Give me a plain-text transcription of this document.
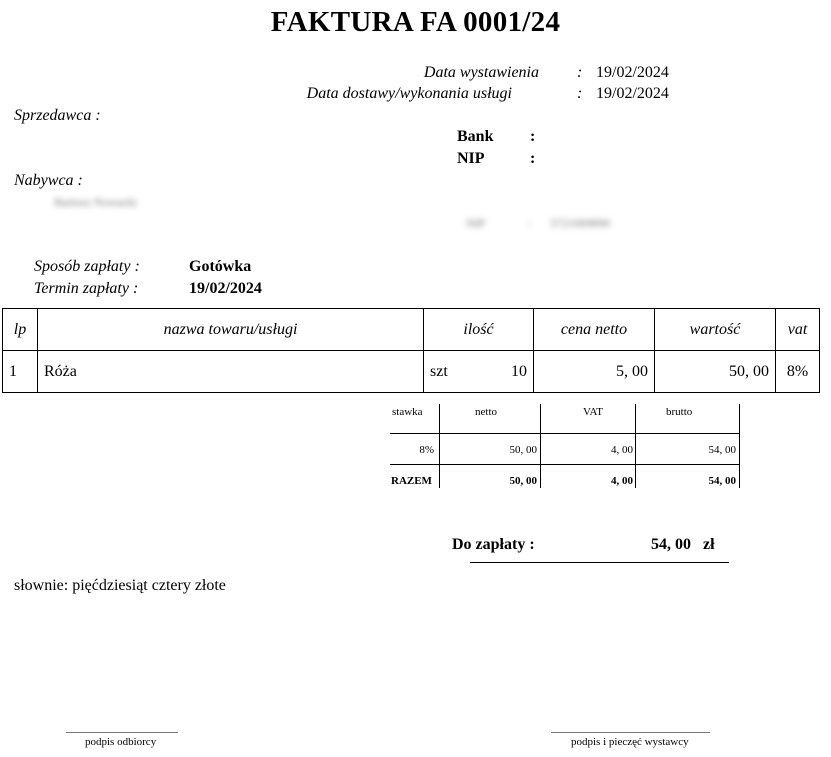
FAKTURA FA 0001/24
Data wystawienia : 19/02/2024
Data dostawy/wykonania usługi	: 19/02/2024
Sprzedawca :
Bank :
NIP	:
Nabywca :
Bartosz Nowacki
NIP	: 5721009890
Sposób zapłaty :	Gotówka
Termin zapłaty :	19/02/2024
lp	nazwa towaru/usługi	ilość	cena netto	wartość	vat
1	Róża	szt 10	5, 00	50, 00	8%
stawka	netto	VAT	brutto
8%	50, 00	4, 00	54, 00
RAZEM	50, 00	4, 00	54, 00
Do zapłaty :	54, 00 zł
słownie: pięćdziesiąt cztery złote
podpis odbiorcy	podpis i pieczęć wystawcy
